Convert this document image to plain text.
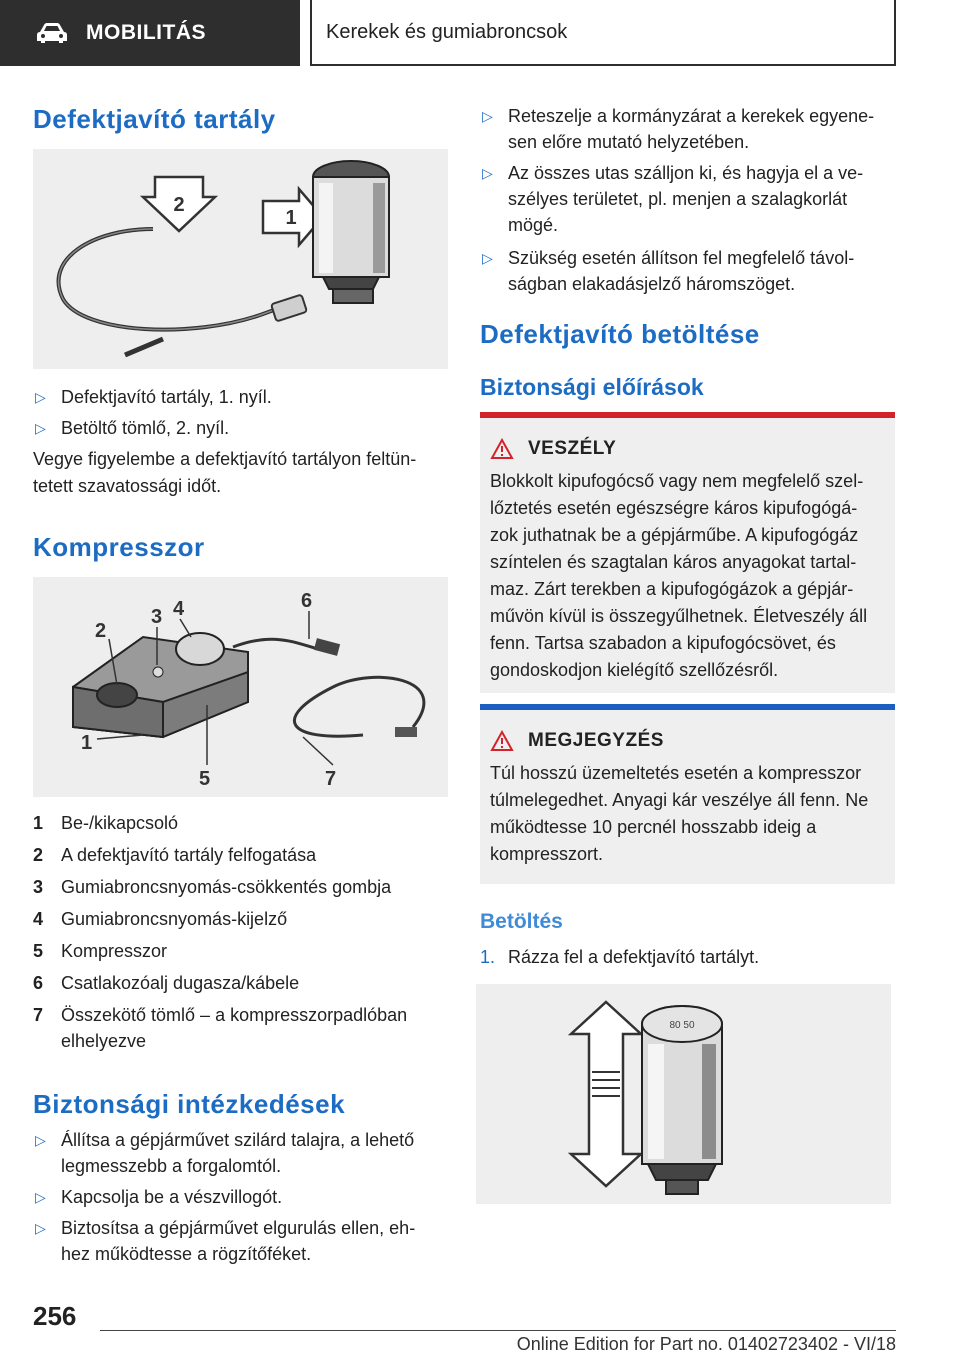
MOBILITÁS	Kerekek és gumiabroncsok
Defektjavító tartály
2
1
▷ Defektjavító tartály, 1. nyíl.
▷ Betöltő tömlő, 2. nyíl.
Vegye figyelembe a defektjavító tartályon feltün-tetett szavatossági időt.
Kompresszor
2
3 4	6
1
5	7
1 Be-/kikapcsoló
2 A defektjavító tartály felfogatása
3 Gumiabroncsnyomás-csökkentés gombja
4 Gumiabroncsnyomás-kijelző
5 Kompresszor
6 Csatlakozóalj dugasza/kábele
7 Összekötő tömlő – a kompresszorpadlóban elhelyezve
Biztonsági intézkedések
▷ Állítsa a gépjárművet szilárd talajra, a lehető legmesszebb a forgalomtól.
▷ Kapcsolja be a vészvillogót.
▷ Biztosítsa a gépjárművet elgurulás ellen, eh-hez működtesse a rögzítőféket.
▷ Reteszelje a kormányzárat a kerekek egyene-sen előre mutató helyzetében.
▷ Az összes utas szálljon ki, és hagyja el a ve-szélyes területet, pl. menjen a szalagkorlát mögé.
▷ Szükség esetén állítson fel megfelelő távol-ságban elakadásjelző háromszöget.
Defektjavító betöltése
Biztonsági előírások
VESZÉLY
Blokkolt kipufogócső vagy nem megfelelő szel-lőztetés esetén egészségre káros kipufogógá-zok juthatnak be a gépjárműbe. A kipufogógáz színtelen és szagtalan káros anyagokat tartal-maz. Zárt terekben a kipufogógázok a gépjár-művön kívül is összegyűlhetnek. Életveszély áll fenn. Tartsa szabadon a kipufogócsövet, és gondoskodjon kielégítő szellőzésről.
MEGJEGYZÉS
Túl hosszú üzemeltetés esetén a kompresszor túlmelegedhet. Anyagi kár veszélye áll fenn. Ne működtesse 10 percnél hosszabb ideig a kompresszort.
Betöltés
1. Rázza fel a defektjavító tartályt.
80 50
256
Online Edition for Part no. 01402723402 - VI/18
